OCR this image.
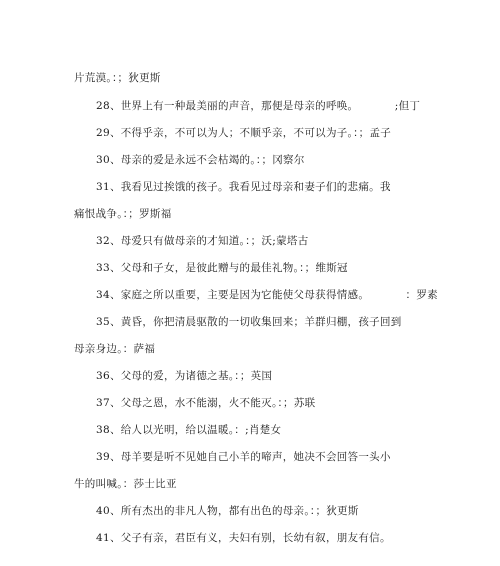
片荒漠。：；狄更斯
28、世界上有一种最美丽的声音，那便是母亲的呼唤。          ;但丁
29、不得乎亲，不可以为人；不顺乎亲，不可以为子。：；孟子
30、母亲的爱是永远不会枯竭的。：；冈察尔
31、我看见过挨饿的孩子。我看见过母亲和妻子们的悲痛。我
痛恨战争。：；罗斯福
32、母爱只有做母亲的才知道。：；沃;蒙塔古
33、父母和子女，是彼此赠与的最佳礼物。：；维斯冠
34、家庭之所以重要，主要是因为它能使父母获得情感。          ：罗素
35、黄昏，你把清晨驱散的一切收集回来；羊群归棚，孩子回到
母亲身边。：萨福
36、父母的爱，为诸德之基。：；英国
37、父母之恩，水不能溺，火不能灭。：；苏联
38、给人以光明，给以温暖。：;肖楚女
39、母羊要是听不见她自己小羊的啼声，她决不会回答一头小
牛的叫喊。：莎士比亚
40、所有杰出的非凡人物，都有出色的母亲。：；狄更斯
41、父子有亲，君臣有义，夫妇有别，长幼有叙，朋友有信。
